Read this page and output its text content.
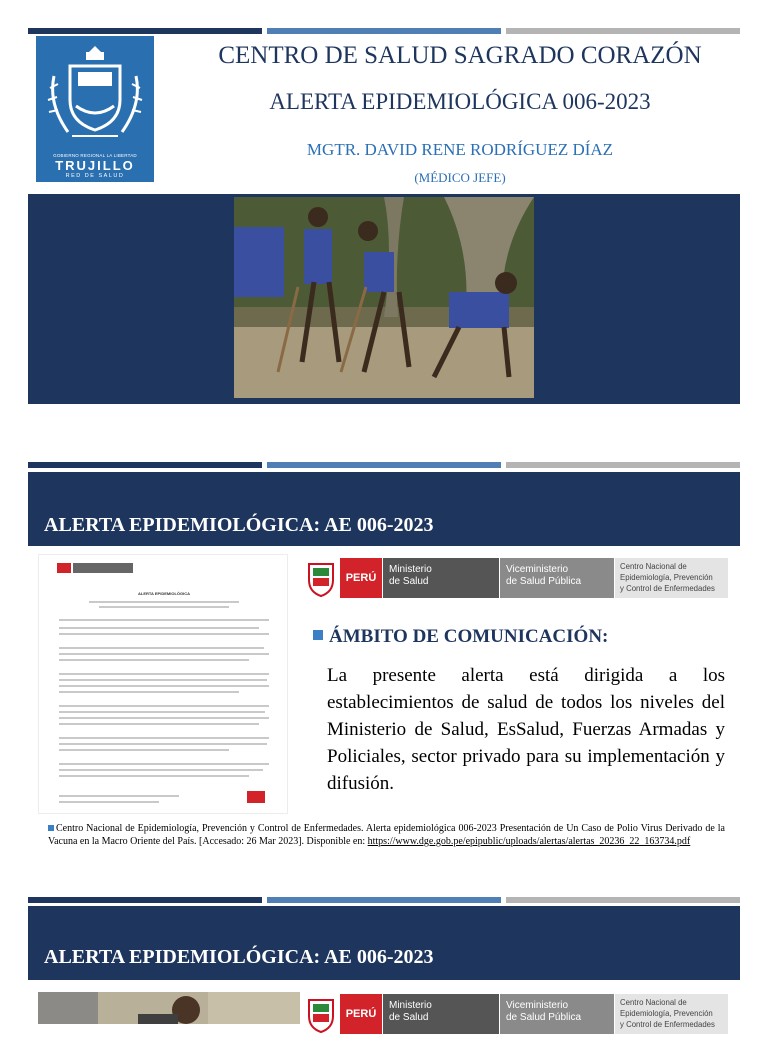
GOBIERNO REGIONAL LA LIBERTAD
TRUJILLO
RED DE SALUD
CENTRO DE SALUD SAGRADO CORAZÓN
ALERTA EPIDEMIOLÓGICA 006-2023
MGTR. DAVID RENE RODRÍGUEZ DÍAZ
(MÉDICO JEFE)
ALERTA EPIDEMIOLÓGICA: AE 006-2023
ALERTA EPIDEMIOLÓGICA
PERÚ
Ministerio
de Salud
Viceministerio
de Salud Pública
Centro Nacional de
Epidemiología, Prevención
y Control de Enfermedades
ÁMBITO DE COMUNICACIÓN:
La presente alerta está dirigida a los establecimientos de salud de todos los niveles del Ministerio de Salud, EsSalud, Fuerzas Armadas y Policiales, sector privado para su implementación y difusión.
Centro Nacional de Epidemiología, Prevención y Control de Enfermedades. Alerta epidemiológica 006-2023 Presentación de Un Caso de Polio Virus Derivado de la Vacuna en la Macro Oriente del País. [Accesado: 26 Mar 2023]. Disponible en: https://www.dge.gob.pe/epipublic/uploads/alertas/alertas_20236_22_163734.pdf
ALERTA EPIDEMIOLÓGICA: AE 006-2023
PERÚ
Ministerio
de Salud
Viceministerio
de Salud Pública
Centro Nacional de
Epidemiología, Prevención
y Control de Enfermedades
